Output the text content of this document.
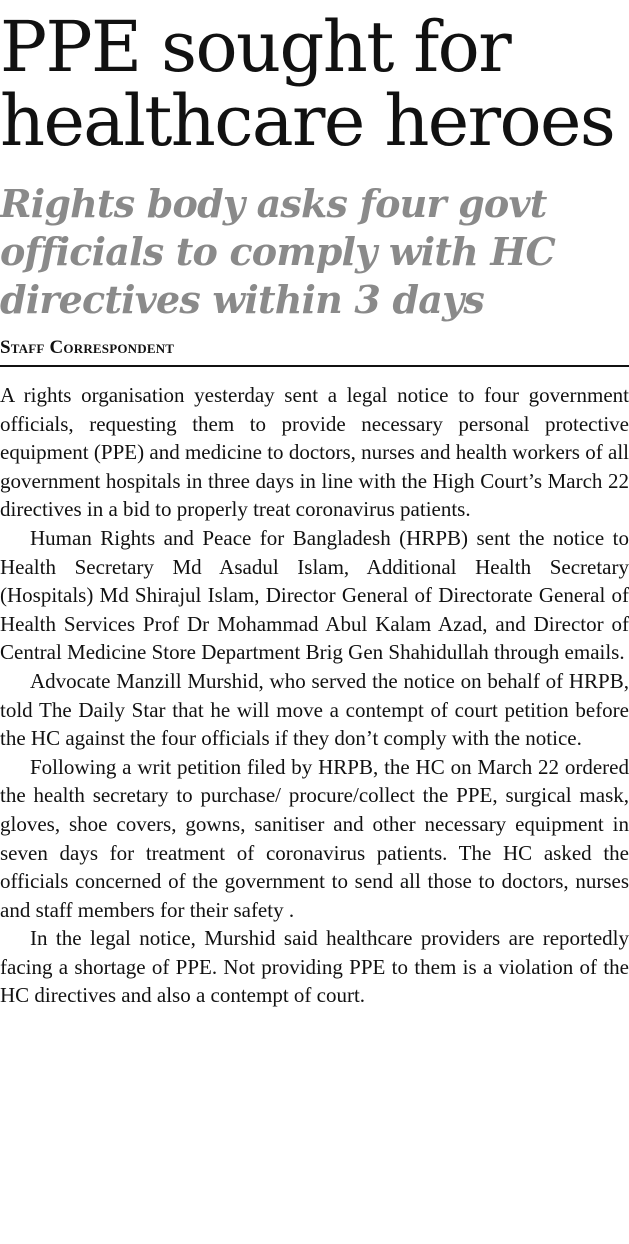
PPE sought for
healthcare heroes
Rights body asks four govt
officials to comply with HC
directives within 3 days
Staff Correspondent

A rights organisation yesterday sent a legal notice to four government officials, requesting them to provide necessary personal protective equipment (PPE) and medicine to doctors, nurses and health workers of all government hospitals in three days in line with the High Court’s March 22 directives in a bid to properly treat coronavirus patients.

Human Rights and Peace for Bangladesh (HRPB) sent the notice to Health Secretary Md Asadul Islam, Additional Health Secretary (Hospitals) Md Shirajul Islam, Director General of Directorate General of Health Services Prof Dr Mohammad Abul Kalam Azad, and Director of Central Medicine Store Department Brig Gen Shahidullah through emails.

Advocate Manzill Murshid, who served the notice on behalf of HRPB, told The Daily Star that he will move a contempt of court petition before the HC against the four officials if they don’t comply with the notice.

Following a writ petition filed by HRPB, the HC on March 22 ordered the health secretary to purchase/ procure/collect the PPE, surgical mask, gloves, shoe covers, gowns, sanitiser and other necessary equipment in seven days for treatment of coronavirus patients. The HC asked the officials concerned of the government to send all those to doctors, nurses and staff members for their safety .

In the legal notice, Murshid said healthcare providers are reportedly facing a shortage of PPE. Not providing PPE to them is a violation of the HC directives and also a contempt of court.
